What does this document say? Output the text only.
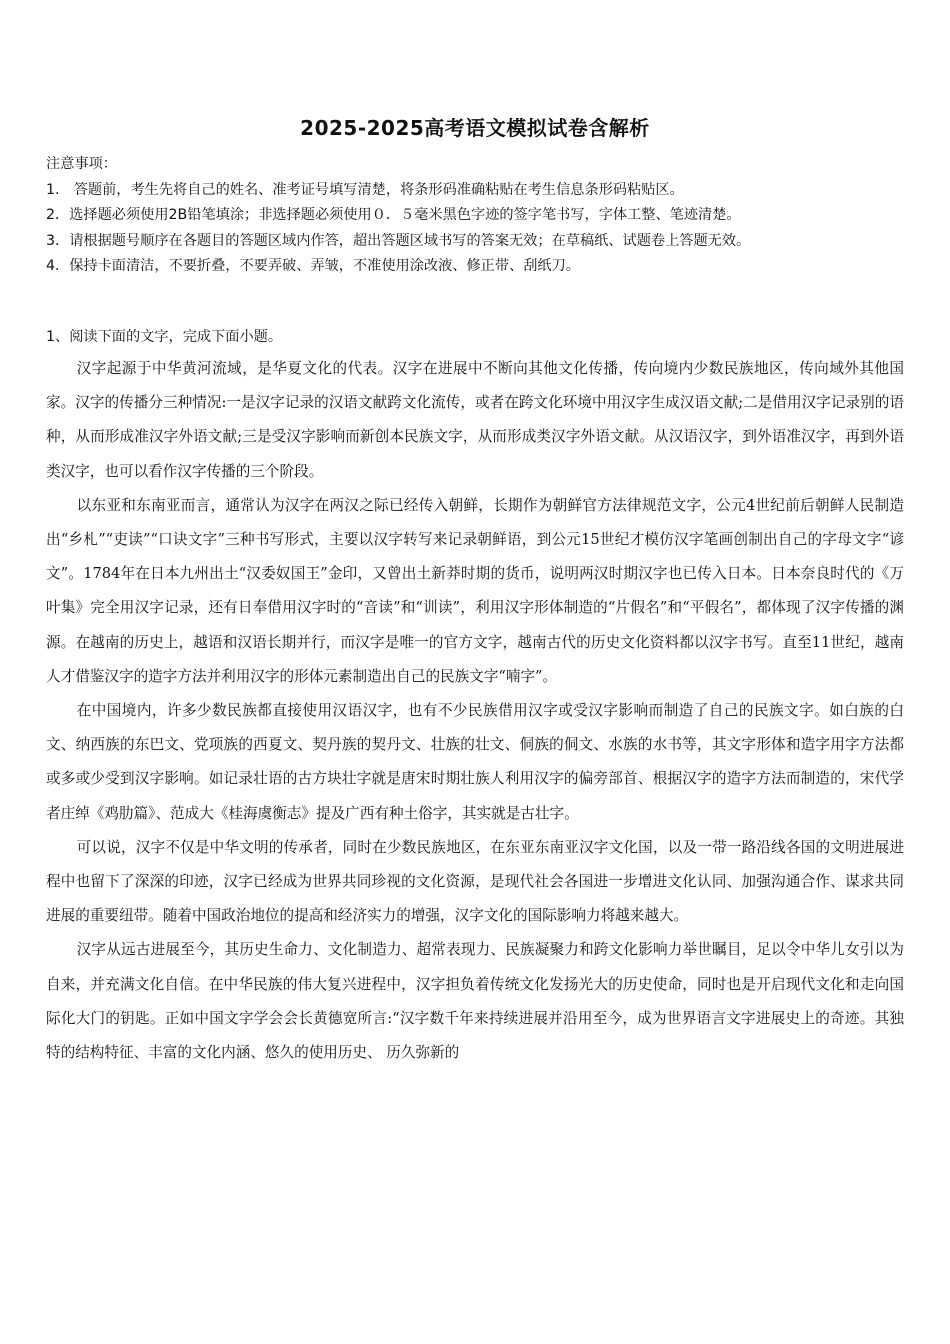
2025-2025高考语文模拟试卷含解析
注意事项：
1.　答题前，考生先将自己的姓名、准考证号填写清楚，将条形码准确粘贴在考生信息条形码粘贴区。
2．选择题必须使用2B铅笔填涂；非选择题必须使用０．５毫米黑色字迹的签字笔书写，字体工整、笔迹清楚。
3．请根据题号顺序在各题目的答题区域内作答，超出答题区域书写的答案无效；在草稿纸、试题卷上答题无效。
4．保持卡面清洁，不要折叠，不要弄破、弄皱，不准使用涂改液、修正带、刮纸刀。
1、阅读下面的文字，完成下面小题。

汉字起源于中华黄河流域，是华夏文化的代表。汉字在进展中不断向其他文化传播，传向境内少数民族地区，传向域外其他国家。汉字的传播分三种情况:一是汉字记录的汉语文献跨文化流传，或者在跨文化环境中用汉字生成汉语文献;二是借用汉字记录别的语种，从而形成准汉字外语文献;三是受汉字影响而新创本民族文字，从而形成类汉字外语文献。从汉语汉字，到外语准汉字，再到外语类汉字，也可以看作汉字传播的三个阶段。

以东亚和东南亚而言，通常认为汉字在两汉之际已经传入朝鲜，长期作为朝鲜官方法律规范文字，公元4世纪前后朝鲜人民制造出“乡札”“吏读”“口诀文字”三种书写形式，主要以汉字转写来记录朝鲜语，到公元15世纪才模仿汉字笔画创制出自己的字母文字“谚文”。1784年在日本九州出土“汉委奴国王”金印，又曾出土新莽时期的货币，说明两汉时期汉字也已传入日本。日本奈良时代的《万叶集》完全用汉字记录，还有日奉借用汉字时的“音读”和“训读”，利用汉字形体制造的“片假名”和“平假名”，都体现了汉字传播的渊源。在越南的历史上，越语和汉语长期并行，而汉字是唯一的官方文字，越南古代的历史文化资料都以汉字书写。直至11世纪，越南人才借鉴汉字的造字方法并利用汉字的形体元素制造出自己的民族文字“喃字”。

在中国境内，许多少数民族都直接使用汉语汉字，也有不少民族借用汉字或受汉字影响而制造了自己的民族文字。如白族的白文、纳西族的东巴文、党项族的西夏文、契丹族的契丹文、壮族的壮文、侗族的侗文、水族的水书等，其文字形体和造字用字方法都或多或少受到汉字影响。如记录壮语的古方块壮字就是唐宋时期壮族人利用汉字的偏旁部首、根据汉字的造字方法而制造的，宋代学者庄绰《鸡肋篇》、范成大《桂海虞衡志》提及广西有种土俗字，其实就是古壮字。

可以说，汉字不仅是中华文明的传承者，同时在少数民族地区，在东亚东南亚汉字文化国，以及一带一路沿线各国的文明进展进程中也留下了深深的印迹，汉字已经成为世界共同珍视的文化资源，是现代社会各国进一步增进文化认同、加强沟通合作、谋求共同进展的重要纽带。随着中国政治地位的提高和经济实力的增强，汉字文化的国际影响力将越来越大。

汉字从远古进展至今，其历史生命力、文化制造力、超常表现力、民族凝聚力和跨文化影响力举世瞩目，足以令中华儿女引以为自来，并充满文化自信。在中华民族的伟大复兴进程中，汉字担负着传统文化发扬光大的历史使命，同时也是开启现代文化和走向国际化大门的钥匙。正如中国文字学会会长黄德宽所言:“汉字数千年来持续进展并沿用至今，成为世界语言文字进展史上的奇迹。其独特的结构特征、丰富的文化内涵、悠久的使用历史、 历久弥新的
